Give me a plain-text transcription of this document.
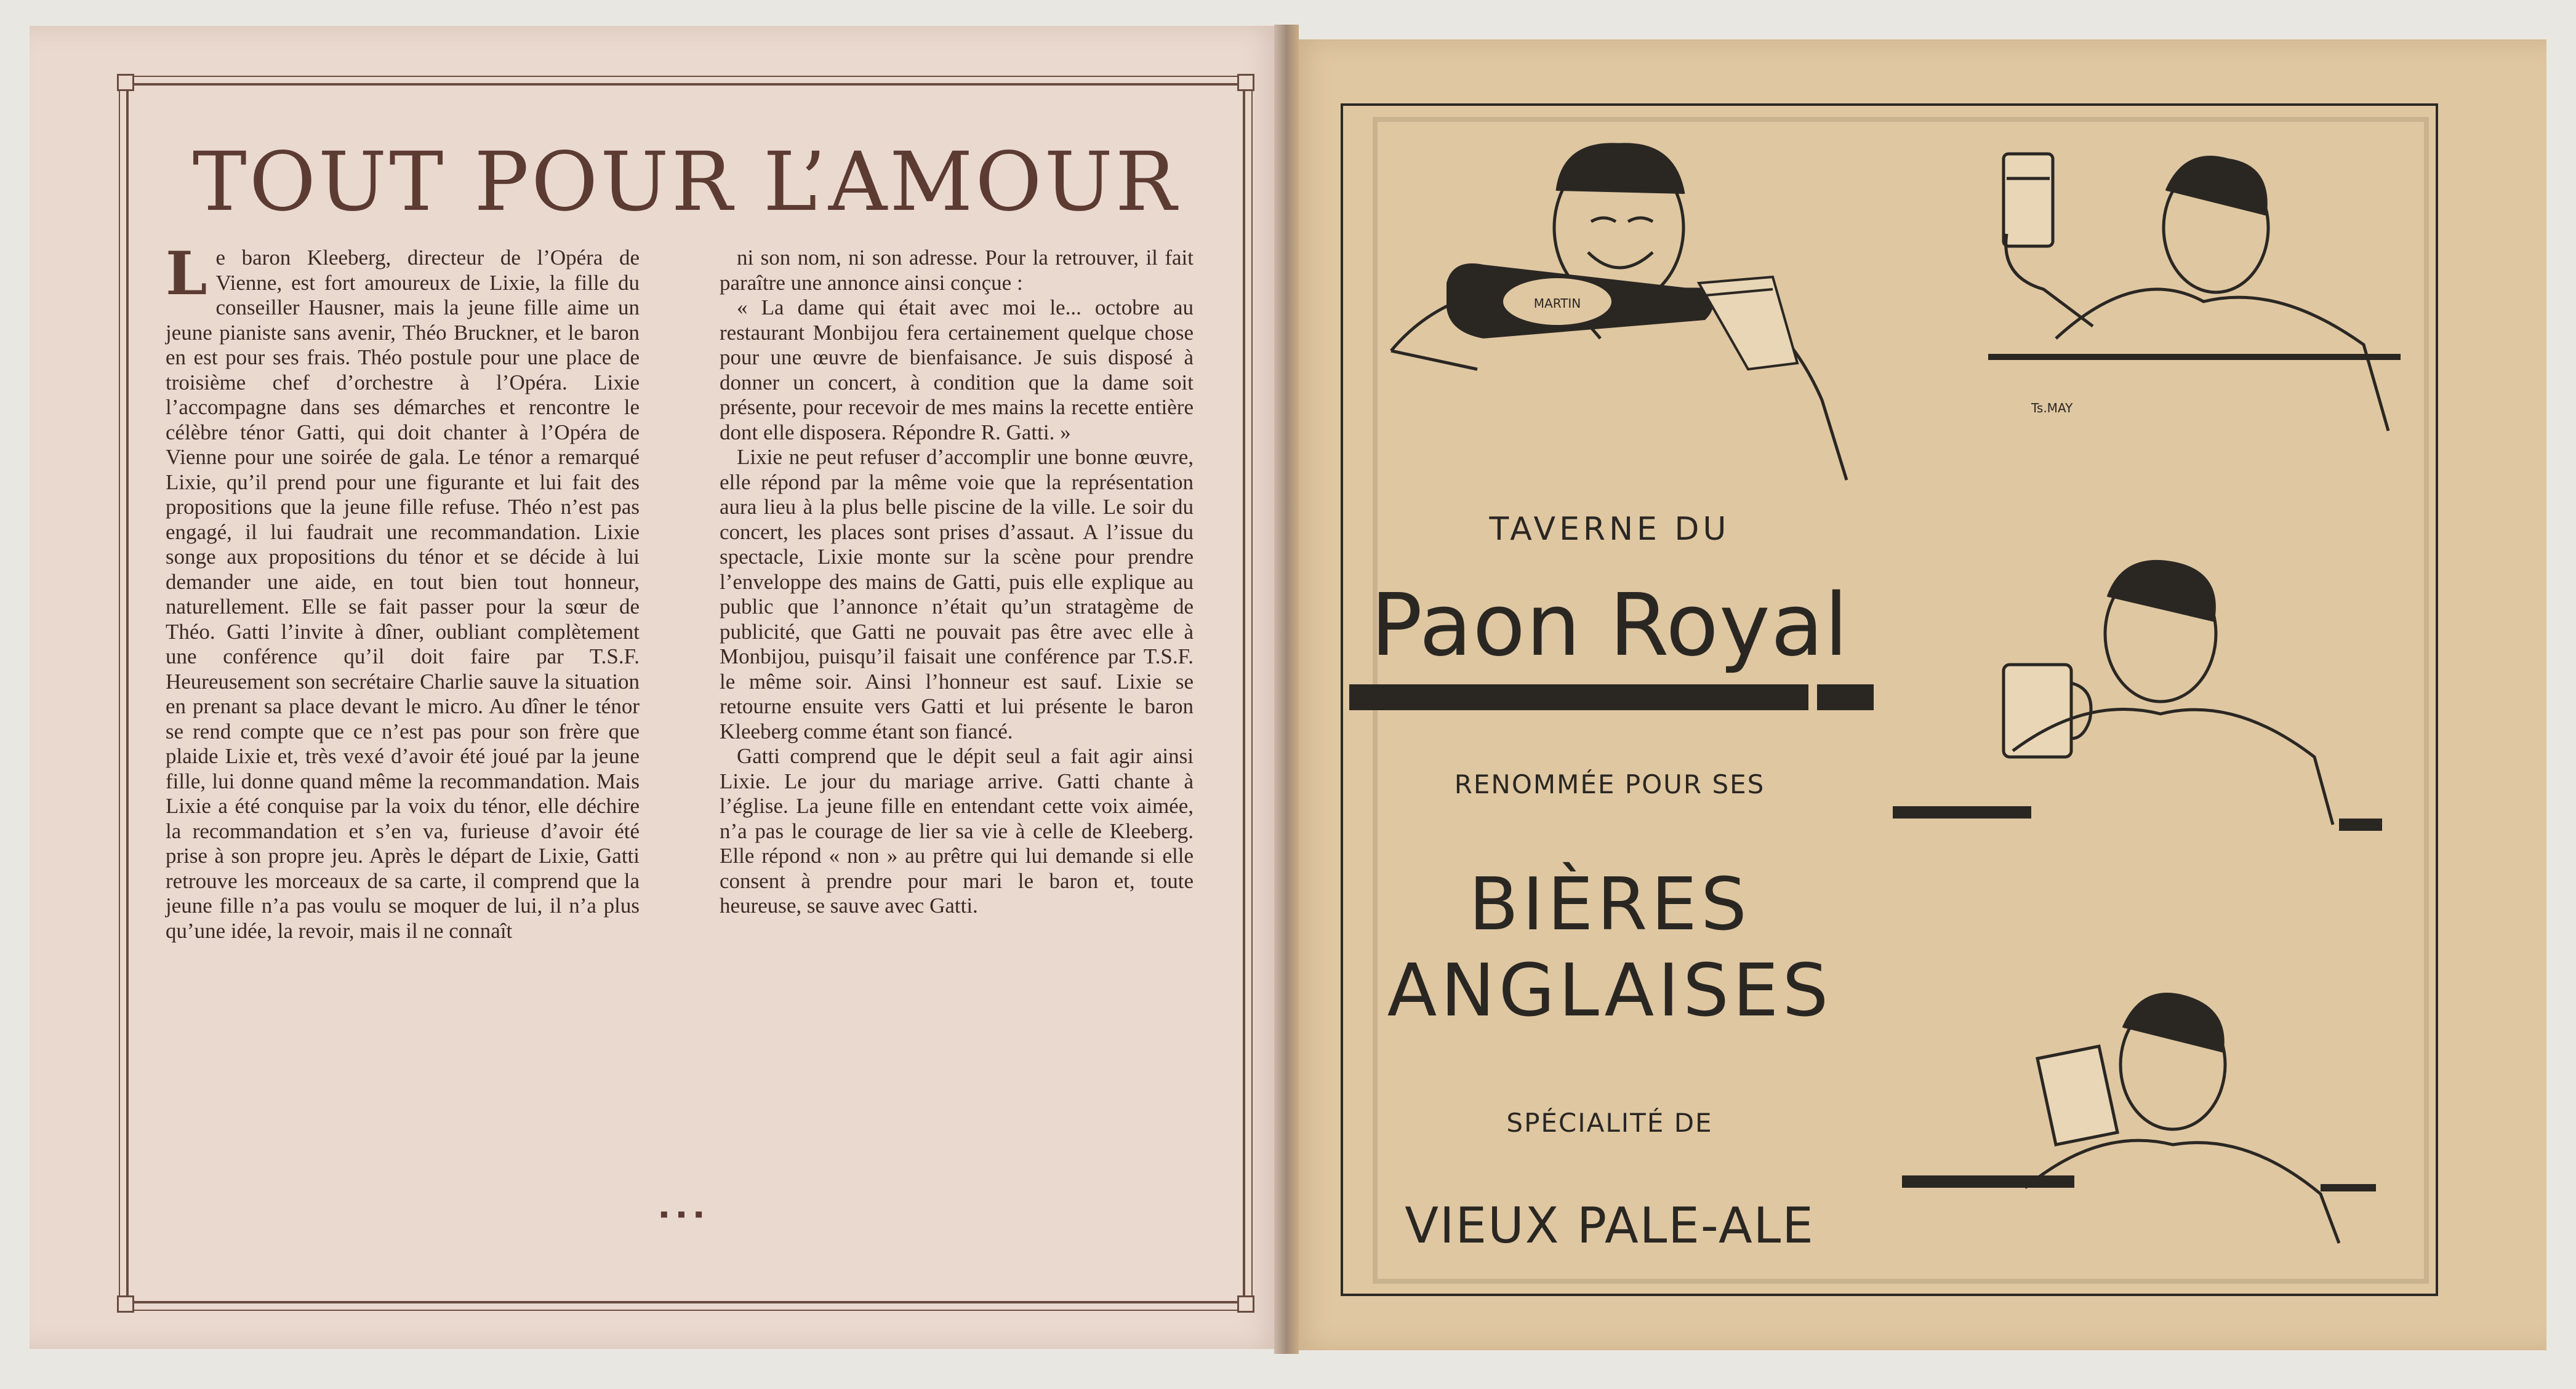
TOUT POUR L’AMOUR

Le baron Kleeberg, directeur de l’Opéra de Vienne, est fort amoureux de Lixie, la fille du conseiller Hausner, mais la jeune fille aime un jeune pianiste sans avenir, Théo Bruckner, et le baron en est pour ses frais. Théo postule pour une place de troisième chef d’orchestre à l’Opéra. Lixie l’accompagne dans ses démarches et rencontre le célèbre ténor Gatti, qui doit chanter à l’Opéra de Vienne pour une soirée de gala. Le ténor a remarqué Lixie, qu’il prend pour une figurante et lui fait des propositions que la jeune fille refuse. Théo n’est pas engagé, il lui faudrait une recommandation. Lixie songe aux propositions du ténor et se décide à lui demander une aide, en tout bien tout honneur, naturellement. Elle se fait passer pour la sœur de Théo. Gatti l’invite à dîner, oubliant complètement une conférence qu’il doit faire par T.S.F. Heureusement son secrétaire Charlie sauve la situation en prenant sa place devant le micro. Au dîner le ténor se rend compte que ce n’est pas pour son frère que plaide Lixie et, très vexé d’avoir été joué par la jeune fille, lui donne quand même la recommandation. Mais Lixie a été conquise par la voix du ténor, elle déchire la recommandation et s’en va, furieuse d’avoir été prise à son propre jeu. Après le départ de Lixie, Gatti retrouve les morceaux de sa carte, il comprend que la jeune fille n’a pas voulu se moquer de lui, il n’a plus qu’une idée, la revoir, mais il ne connaît

ni son nom, ni son adresse. Pour la retrouver, il fait paraître une annonce ainsi conçue :

« La dame qui était avec moi le... octobre au restaurant Monbijou fera certainement quelque chose pour une œuvre de bienfaisance. Je suis disposé à donner un concert, à condition que la dame soit présente, pour recevoir de mes mains la recette entière dont elle disposera. Répondre R. Gatti. »

Lixie ne peut refuser d’accomplir une bonne œuvre, elle répond par la même voie que la représentation aura lieu à la plus belle piscine de la ville. Le soir du concert, les places sont prises d’assaut. A l’issue du spectacle, Lixie monte sur la scène pour prendre l’enveloppe des mains de Gatti, puis elle explique au public que l’annonce n’était qu’un stratagème de publicité, que Gatti ne pouvait pas être avec elle à Monbijou, puisqu’il faisait une conférence par T.S.F. le même soir. Ainsi l’honneur est sauf. Lixie se retourne ensuite vers Gatti et lui présente le baron Kleeberg comme étant son fiancé.

Gatti comprend que le dépit seul a fait agir ainsi Lixie. Le jour du mariage arrive. Gatti chante à l’église. La jeune fille en entendant cette voix aimée, n’a pas le courage de lier sa vie à celle de Kleeberg. Elle répond « non » au prêtre qui lui demande si elle consent à prendre pour mari le baron et, toute heureuse, se sauve avec Gatti.

▪▪▪
TAVERNE DU
Paon Royal
RENOMMÉE POUR SES
BIÈRES
ANGLAISES
SPÉCIALITÉ DE
VIEUX PALE-ALE
MARTIN
Ts.MAY
